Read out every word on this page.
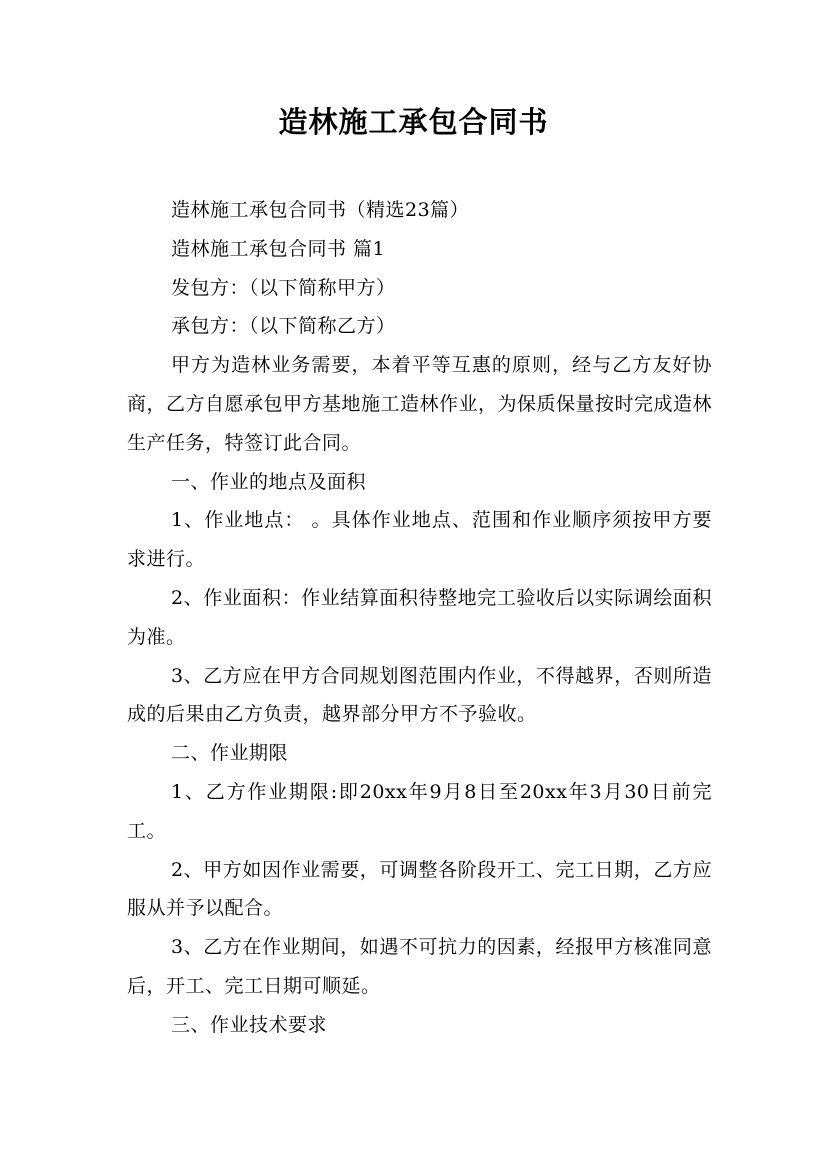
造林施工承包合同书

造林施工承包合同书（精选23篇）

造林施工承包合同书 篇1

发包方：（以下简称甲方）

承包方：（以下简称乙方）

甲方为造林业务需要，本着平等互惠的原则，经与乙方友好协商，乙方自愿承包甲方基地施工造林作业，为保质保量按时完成造林生产任务，特签订此合同。

一、作业的地点及面积

1、作业地点： 。具体作业地点、范围和作业顺序须按甲方要求进行。

2、作业面积：作业结算面积待整地完工验收后以实际调绘面积为准。

3、乙方应在甲方合同规划图范围内作业，不得越界，否则所造成的后果由乙方负责，越界部分甲方不予验收。

二、作业期限

1、乙方作业期限:即20xx年9月8日至20xx年3月30日前完工。

2、甲方如因作业需要，可调整各阶段开工、完工日期，乙方应服从并予以配合。

3、乙方在作业期间，如遇不可抗力的因素，经报甲方核准同意后，开工、完工日期可顺延。

三、作业技术要求
